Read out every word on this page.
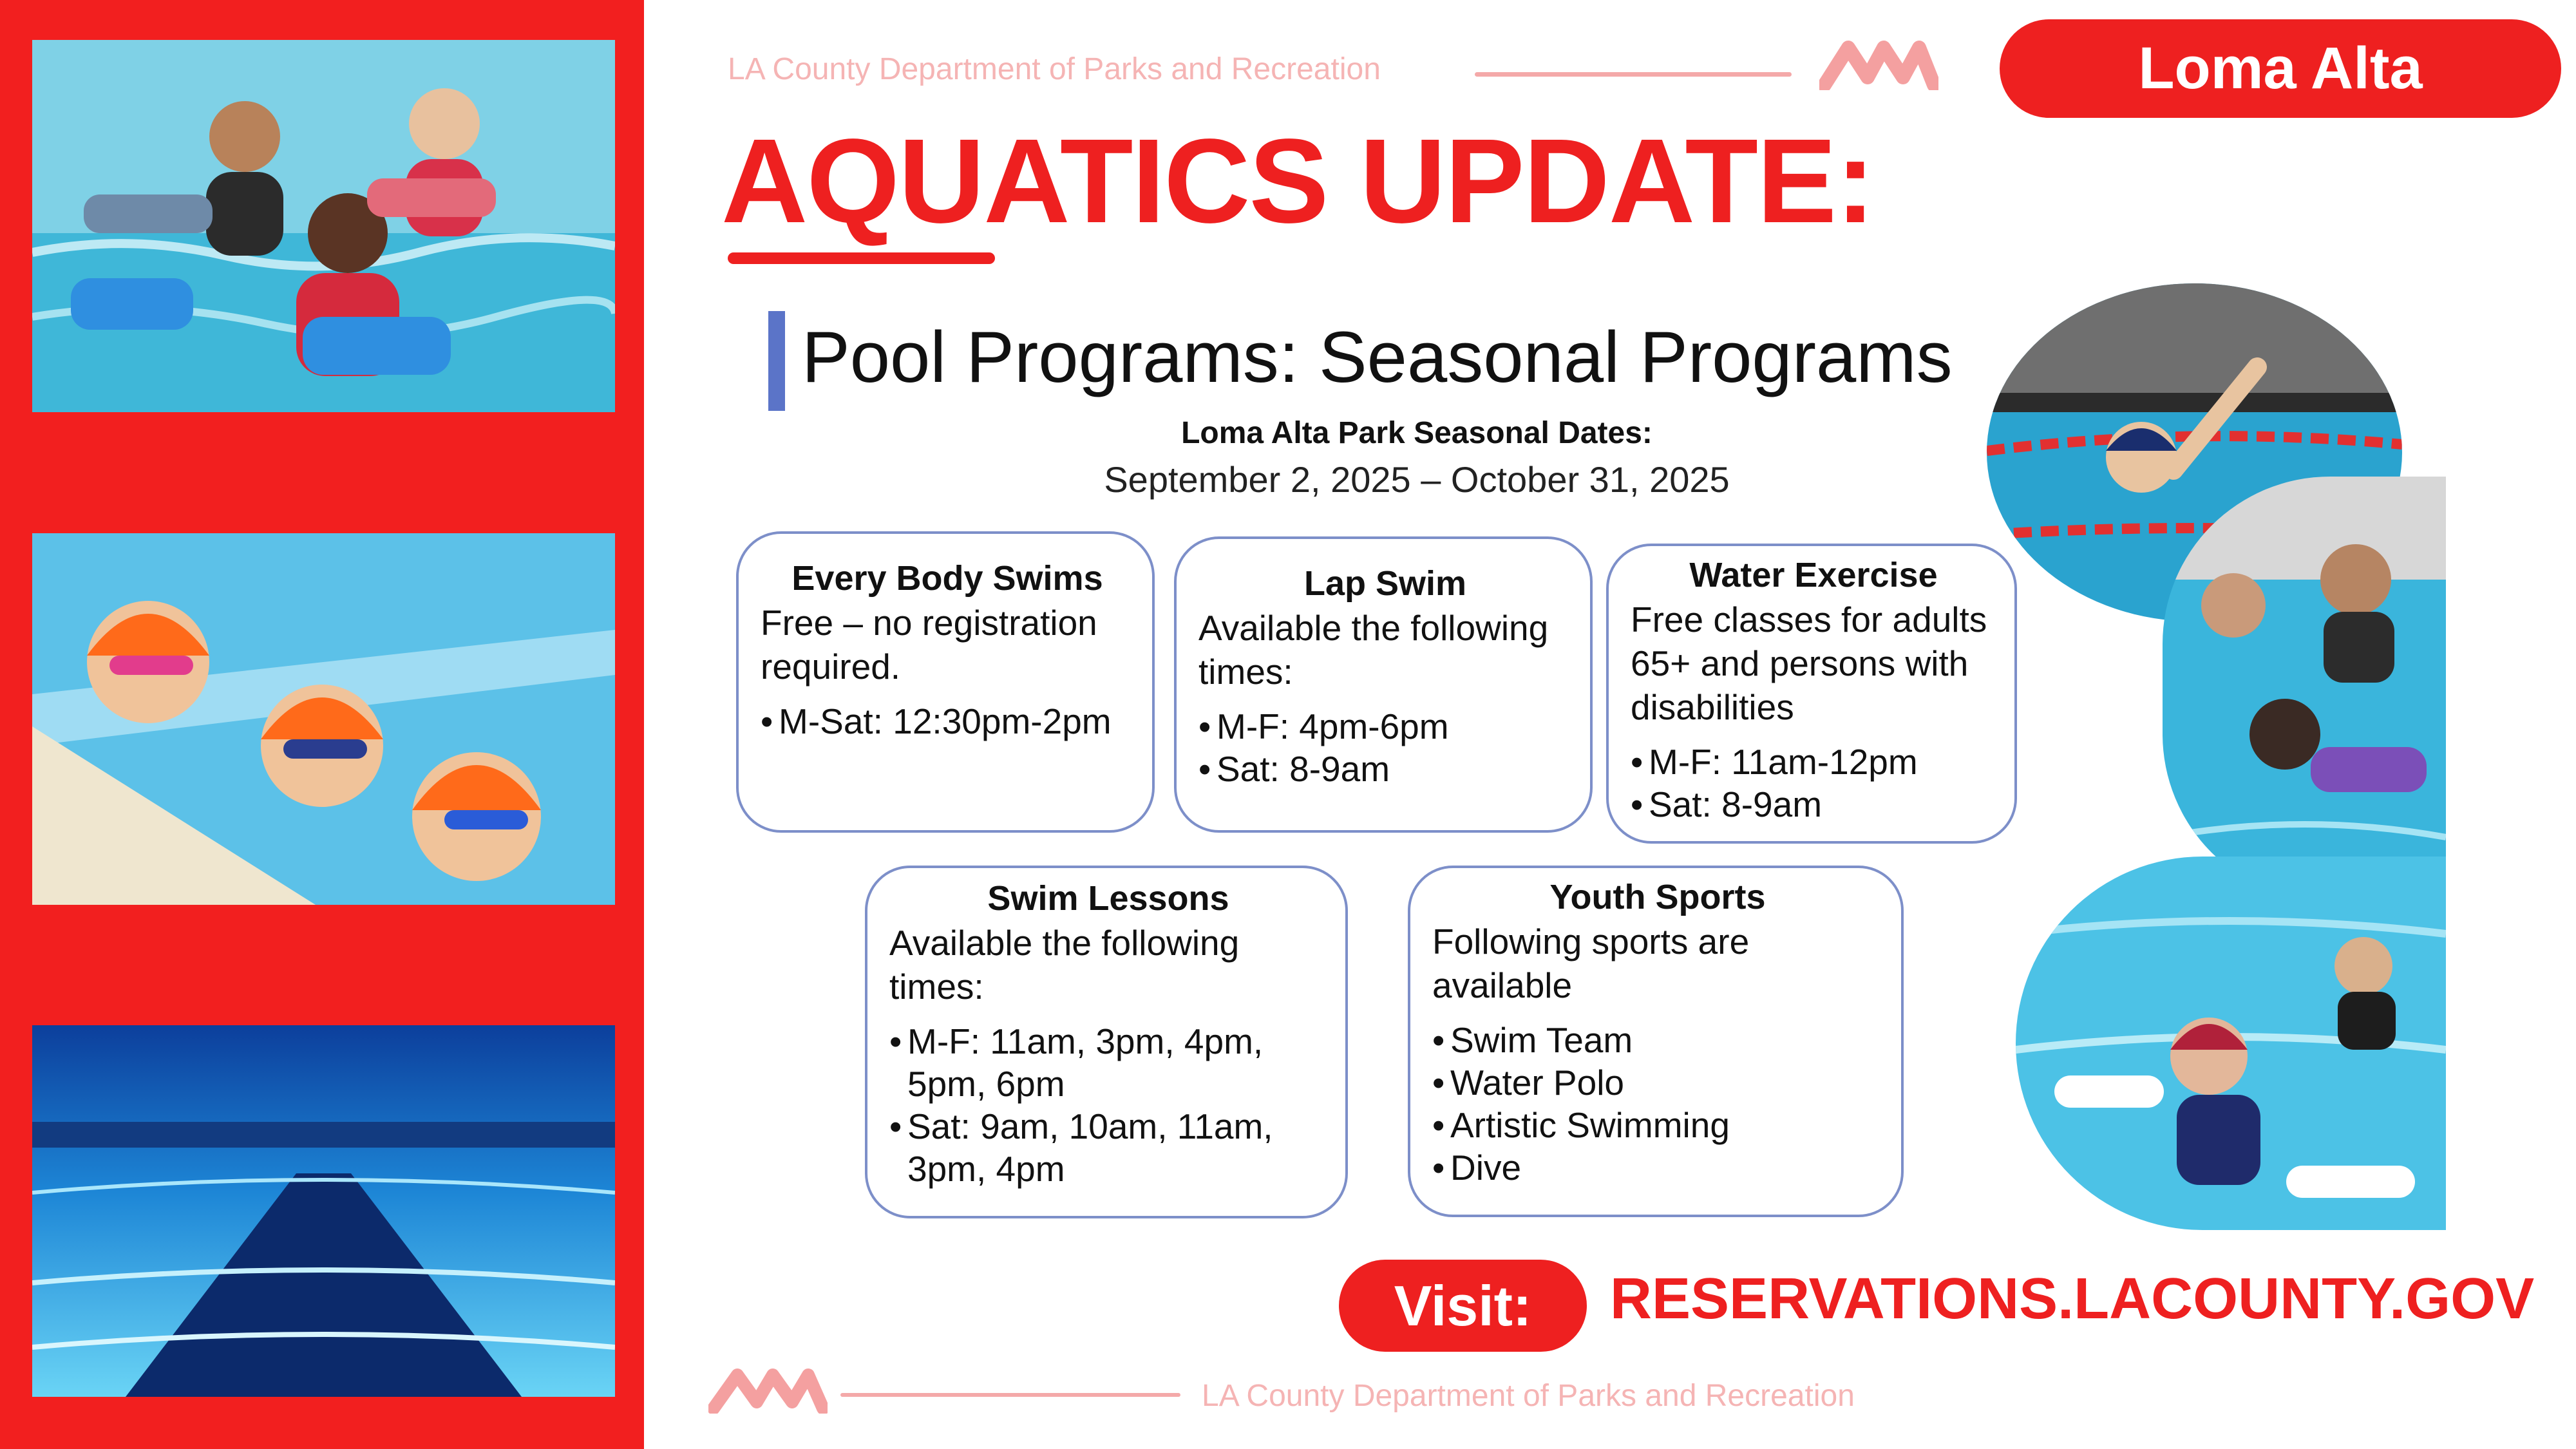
LA County Department of Parks and Recreation	Loma Alta
AQUATICS UPDATE:
Pool Programs: Seasonal Programs
Loma Alta Park Seasonal Dates:
September 2, 2025 – October 31, 2025
Every Body Swims
Free – no registration required.
• M-Sat: 12:30pm-2pm
Lap Swim
Available the following times:
• M-F: 4pm-6pm
• Sat: 8-9am
Water Exercise
Free classes for adults 65+ and persons with disabilities
• M-F: 11am-12pm
• Sat: 8-9am
Swim Lessons
Available the following times:
• M-F: 11am, 3pm, 4pm, 5pm, 6pm
• Sat: 9am, 10am, 11am, 3pm, 4pm
Youth Sports
Following sports are available
• Swim Team
• Water Polo
• Artistic Swimming
• Dive
Visit:	RESERVATIONS.LACOUNTY.GOV
LA County Department of Parks and Recreation
